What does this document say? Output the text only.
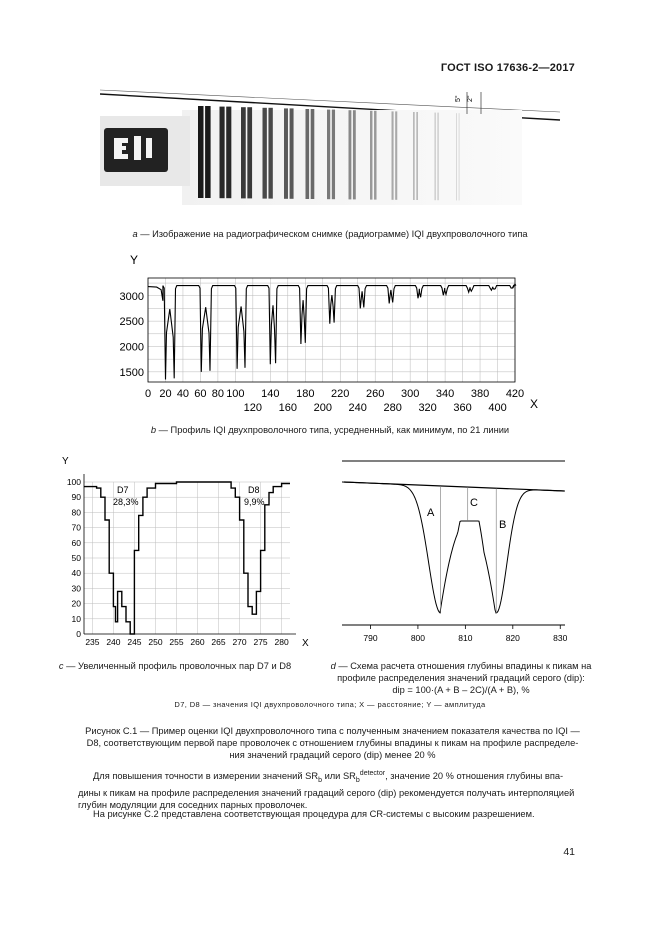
ГОСТ ISO 17636-2—2017
5° 2°
а — Изображение на радиографическом снимке (радиограмме) IQI двухпроволочного типа
3000
2500
2000
1500
0 20 40 60 80 100 140 180 220 260 300 340 380 420
120 160 200 240 280 320 360 400
Y
X
b — Профиль IQI двухпроволочного типа, усредненный, как минимум, по 21 линии
100
90
80
70
60
50
40
30
20
10
0
235 240 245 250 255 260 265 270 275 280
Y
X
D7
28,3%
D8
9,9%
с — Увеличенный профиль проволочных пар D7 и D8
790	800	810	820	830
A
C
B
d — Схема расчета отношения глубины впадины к пикам на
профиле распределения значений градаций серого (dip):
dip = 100·(A + B – 2C)/(A + B), %
D7, D8 — значения IQI двухпроволочного типа; X — расстояние; Y — амплитуда
Рисунок С.1 — Пример оценки IQI двухпроволочного типа с полученным значением показателя качества по IQI —
D8, соответствующим первой паре проволочек с отношением глубины впадины к пикам на профиле распределе-
ния значений градаций серого (dip) менее 20 %
Для повышения точности в измерении значений $SR_b$ или $SR_b^{detector}$, значение 20 % отношения глубины впа-
дины к пикам на профиле распределения значений градаций серого (dip) рекомендуется получать интерполяцией
глубин модуляции для соседних парных проволочек.
На рисунке С.2 представлена соответствующая процедура для CR-системы с высоким разрешением.
41
